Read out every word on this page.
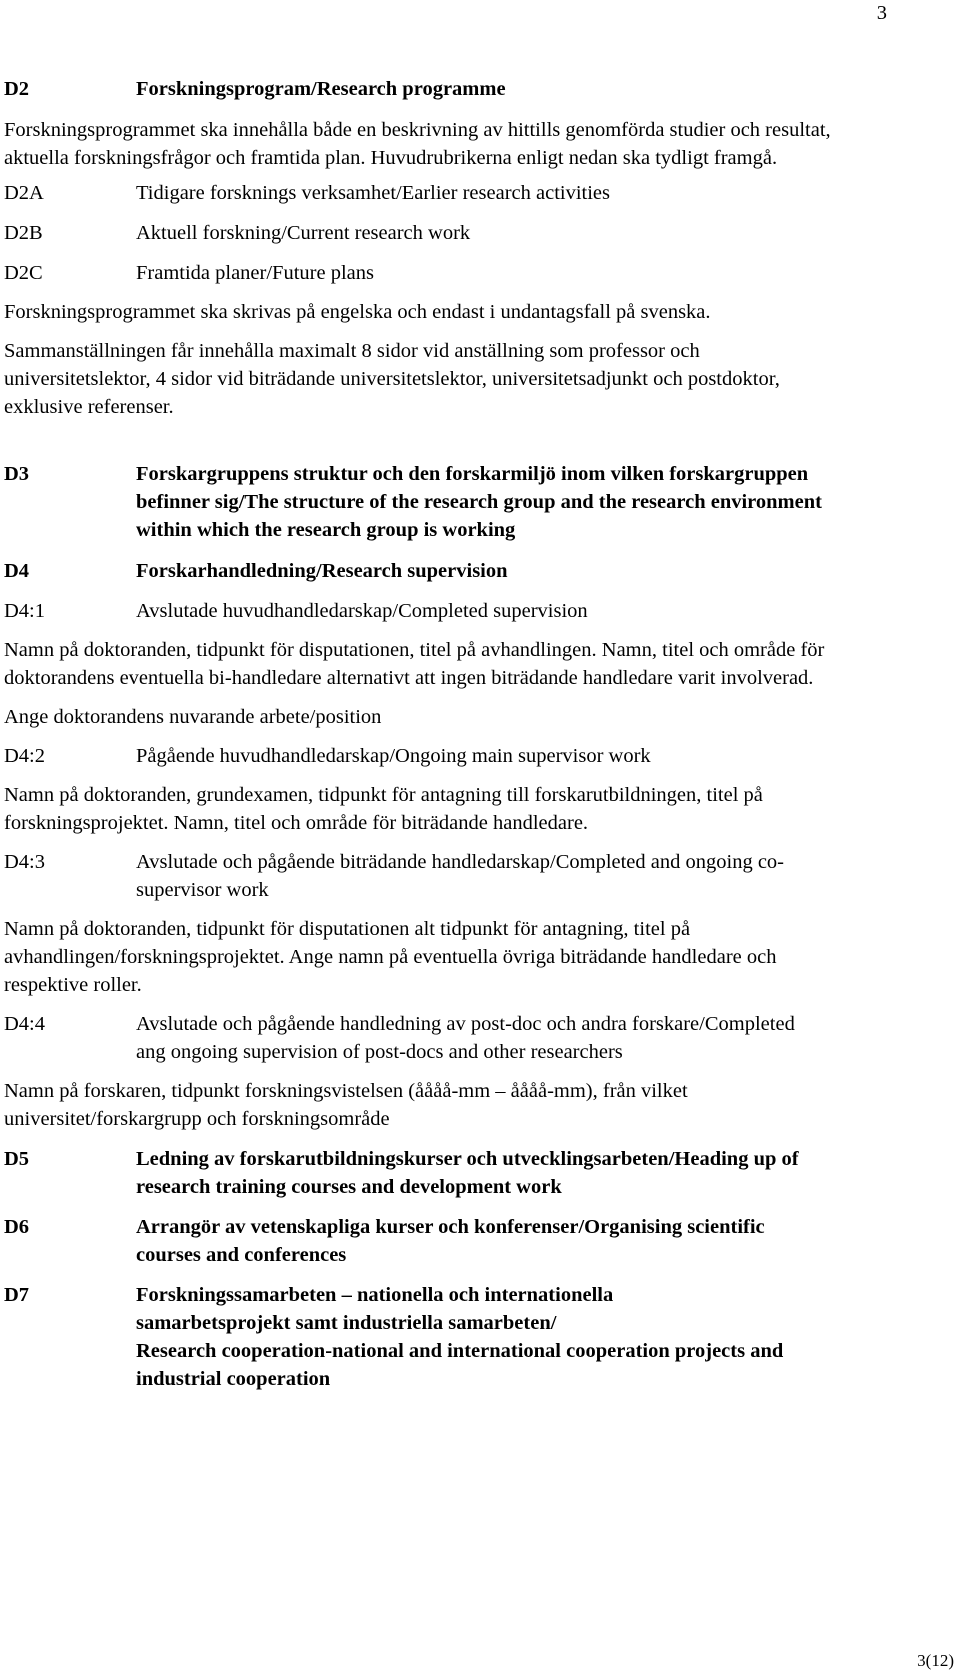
3
D2	Forskningsprogram/Research programme

Forskningsprogrammet ska innehålla både en beskrivning av hittills genomförda studier och resultat, aktuella forskningsfrågor och framtida plan. Huvudrubrikerna enligt nedan ska tydligt framgå.

D2A	Tidigare forsknings verksamhet/Earlier research activities
D2B	Aktuell forskning/Current research work
D2C	Framtida planer/Future plans

Forskningsprogrammet ska skrivas på engelska och endast i undantagsfall på svenska.

Sammanställningen får innehålla maximalt 8 sidor vid anställning som professor och universitetslektor, 4 sidor vid biträdande universitetslektor, universitetsadjunkt och postdoktor, exklusive referenser.

D3	Forskargruppens struktur och den forskarmiljö inom vilken forskargruppen befinner sig/The structure of the research group and the research environment within which the research group is working
D4	Forskarhandledning/Research supervision
D4:1	Avslutade huvudhandledarskap/Completed supervision

Namn på doktoranden, tidpunkt för disputationen, titel på avhandlingen. Namn, titel och område för doktorandens eventuella bi-handledare alternativt att ingen biträdande handledare varit involverad.

Ange doktorandens nuvarande arbete/position

D4:2	Pågående huvudhandledarskap/Ongoing main supervisor work

Namn på doktoranden, grundexamen, tidpunkt för antagning till forskarutbildningen, titel på forskningsprojektet. Namn, titel och område för biträdande handledare.

D4:3	Avslutade och pågående biträdande handledarskap/Completed and ongoing co-supervisor work

Namn på doktoranden, tidpunkt för disputationen alt tidpunkt för antagning, titel på avhandlingen/forskningsprojektet. Ange namn på eventuella övriga biträdande handledare och respektive roller.

D4:4	Avslutade och pågående handledning av post-doc och andra forskare/Completed ang ongoing supervision of post-docs and other researchers

Namn på forskaren, tidpunkt forskningsvistelsen (åååå-mm – åååå-mm), från vilket universitet/forskargrupp och forskningsområde

D5	Ledning av forskarutbildningskurser och utvecklingsarbeten/Heading up of research training courses and development work
D6	Arrangör av vetenskapliga kurser och konferenser/Organising scientific courses and conferences
D7	Forskningssamarbeten – nationella och internationella samarbetsprojekt samt industriella samarbeten/
Research cooperation-national and international cooperation projects and industrial cooperation
3(12)
